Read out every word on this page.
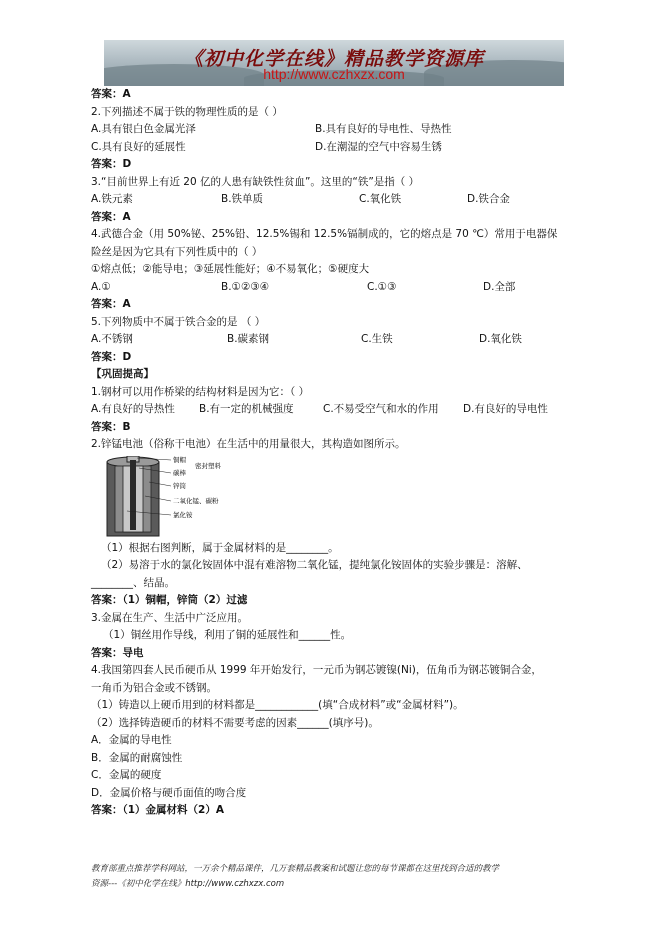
《初中化学在线》精品教学资源库
http://www.czhxzx.com
答案：A
2.下列描述不属于铁的物理性质的是（ ）
A.具有银白色金属光泽	B.具有良好的导电性、导热性
C.具有良好的延展性	D.在潮湿的空气中容易生锈
答案：D
3.“目前世界上有近 20 亿的人患有缺铁性贫血”。这里的“铁”是指（ ）
A.铁元素	B.铁单质	C.氧化铁	D.铁合金
答案：A
4.武德合金（用 50%铋、25%铅、12.5%锡和 12.5%镉制成的，它的熔点是 70 ℃）常用于电器保
险丝是因为它具有下列性质中的（ ）
①熔点低；②能导电；③延展性能好；④不易氧化；⑤硬度大
A.①	B.①②③④	C.①③	D.全部
答案：A
5.下列物质中不属于铁合金的是 （ ）
A.不锈钢	B.碳素钢	C.生铁	D.氧化铁
答案：D
【巩固提高】
1.钢材可以用作桥梁的结构材料是因为它：（ ）
A.有良好的导热性 B.有一定的机械强度	C.不易受空气和水的作用 D.有良好的导电性
答案：B
2.锌锰电池（俗称干电池）在生活中的用量很大，其构造如图所示。
铜帽
密封塑料
碳棒
锌筒
二氧化锰、碳粉
氯化铵
（1）根据右图判断，属于金属材料的是________。
（2）易溶于水的氯化铵固体中混有难溶物二氧化锰，提纯氯化铵固体的实验步骤是：溶解、
________、结晶。
答案：（1）铜帽，锌筒（2）过滤
3.金属在生产、生活中广泛应用。
（1）铜丝用作导线，利用了铜的延展性和______性。
答案：导电
4.我国第四套人民币硬币从 1999 年开始发行，一元币为钢芯镀镍(Ni)，伍角币为钢芯镀铜合金，
一角币为铝合金或不锈钢。
（1）铸造以上硬币用到的材料都是____________(填“合成材料”或“金属材料”)。
（2）选择铸造硬币的材料不需要考虑的因素______(填序号)。
A．金属的导电性
B．金属的耐腐蚀性
C．金属的硬度
D．金属价格与硬币面值的吻合度
答案：（1）金属材料（2）A
教育部重点推荐学科网站，一万余个精品课件，几万套精品教案和试题让您的每节课都在这里找到合适的教学
资源---《初中化学在线》http://www.czhxzx.com
